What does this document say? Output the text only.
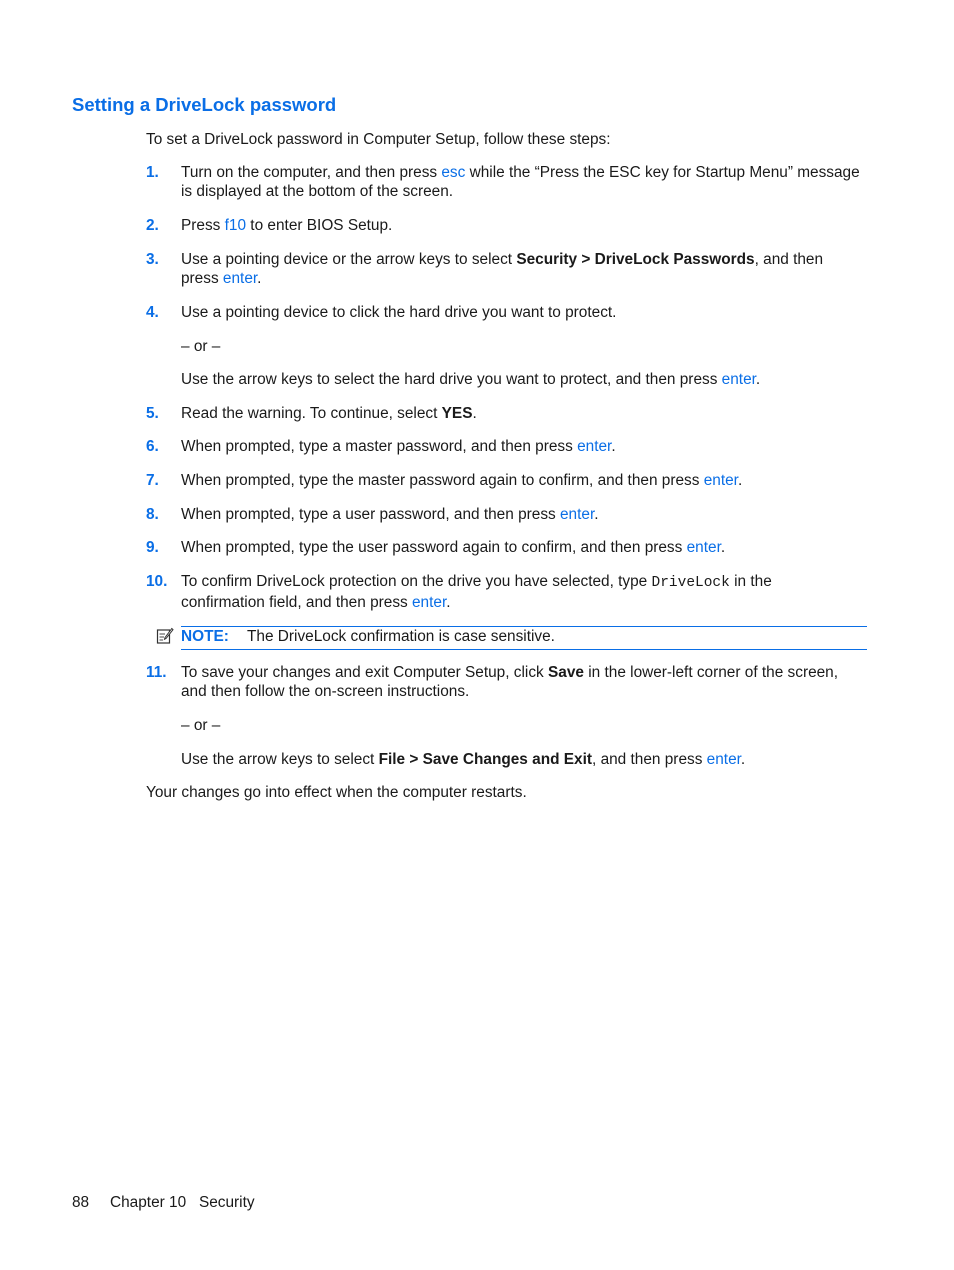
Setting a DriveLock password
To set a DriveLock password in Computer Setup, follow these steps:
1. Turn on the computer, and then press esc while the “Press the ESC key for Startup Menu” message
is displayed at the bottom of the screen.
2. Press f10 to enter BIOS Setup.
3. Use a pointing device or the arrow keys to select Security > DriveLock Passwords, and then
press enter.
4. Use a pointing device to click the hard drive you want to protect.
– or –
Use the arrow keys to select the hard drive you want to protect, and then press enter.
5. Read the warning. To continue, select YES.
6. When prompted, type a master password, and then press enter.
7. When prompted, type the master password again to confirm, and then press enter.
8. When prompted, type a user password, and then press enter.
9. When prompted, type the user password again to confirm, and then press enter.
10. To confirm DriveLock protection on the drive you have selected, type DriveLock in the
confirmation field, and then press enter.
NOTE: The DriveLock confirmation is case sensitive.
11. To save your changes and exit Computer Setup, click Save in the lower-left corner of the screen,
and then follow the on-screen instructions.
– or –
Use the arrow keys to select File > Save Changes and Exit, and then press enter.
Your changes go into effect when the computer restarts.
88 Chapter 10   Security
